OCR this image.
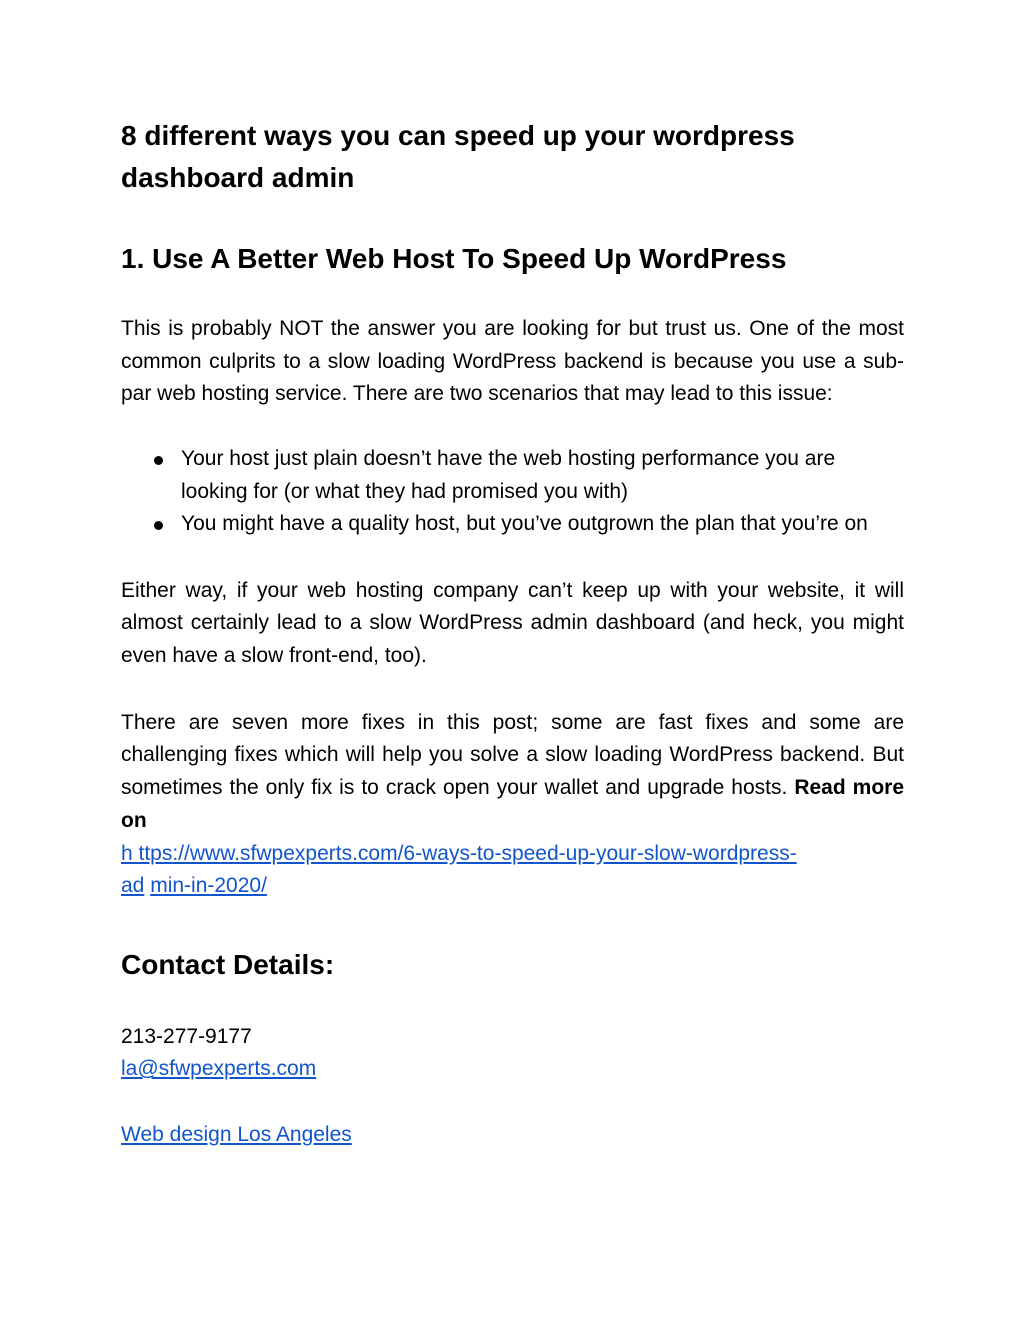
8 different ways you can speed up your wordpress dashboard admin
1. Use A Better Web Host To Speed Up WordPress

This is probably NOT the answer you are looking for but trust us. One of the most common culprits to a slow loading WordPress backend is because you use a sub-par web hosting service. There are two scenarios that may lead to this issue:

Your host just plain doesn’t have the web hosting performance you are looking for (or what they had promised you with)
You might have a quality host, but you’ve outgrown the plan that you’re on

Either way, if your web hosting company can’t keep up with your website, it will almost certainly lead to a slow WordPress admin dashboard (and heck, you might even have a slow front-end, too).

There are seven more fixes in this post; some are fast fixes and some are challenging fixes which will help you solve a slow loading WordPress backend. But sometimes the only fix is to crack open your wallet and upgrade hosts. Read more on

h ttps://www.sfwpexperts.com/6-ways-to-speed-up-your-slow-wordpress-
ad min-in-2020/
Contact Details:

213-277-9177

la@sfwpexperts.com

Web design Los Angeles
